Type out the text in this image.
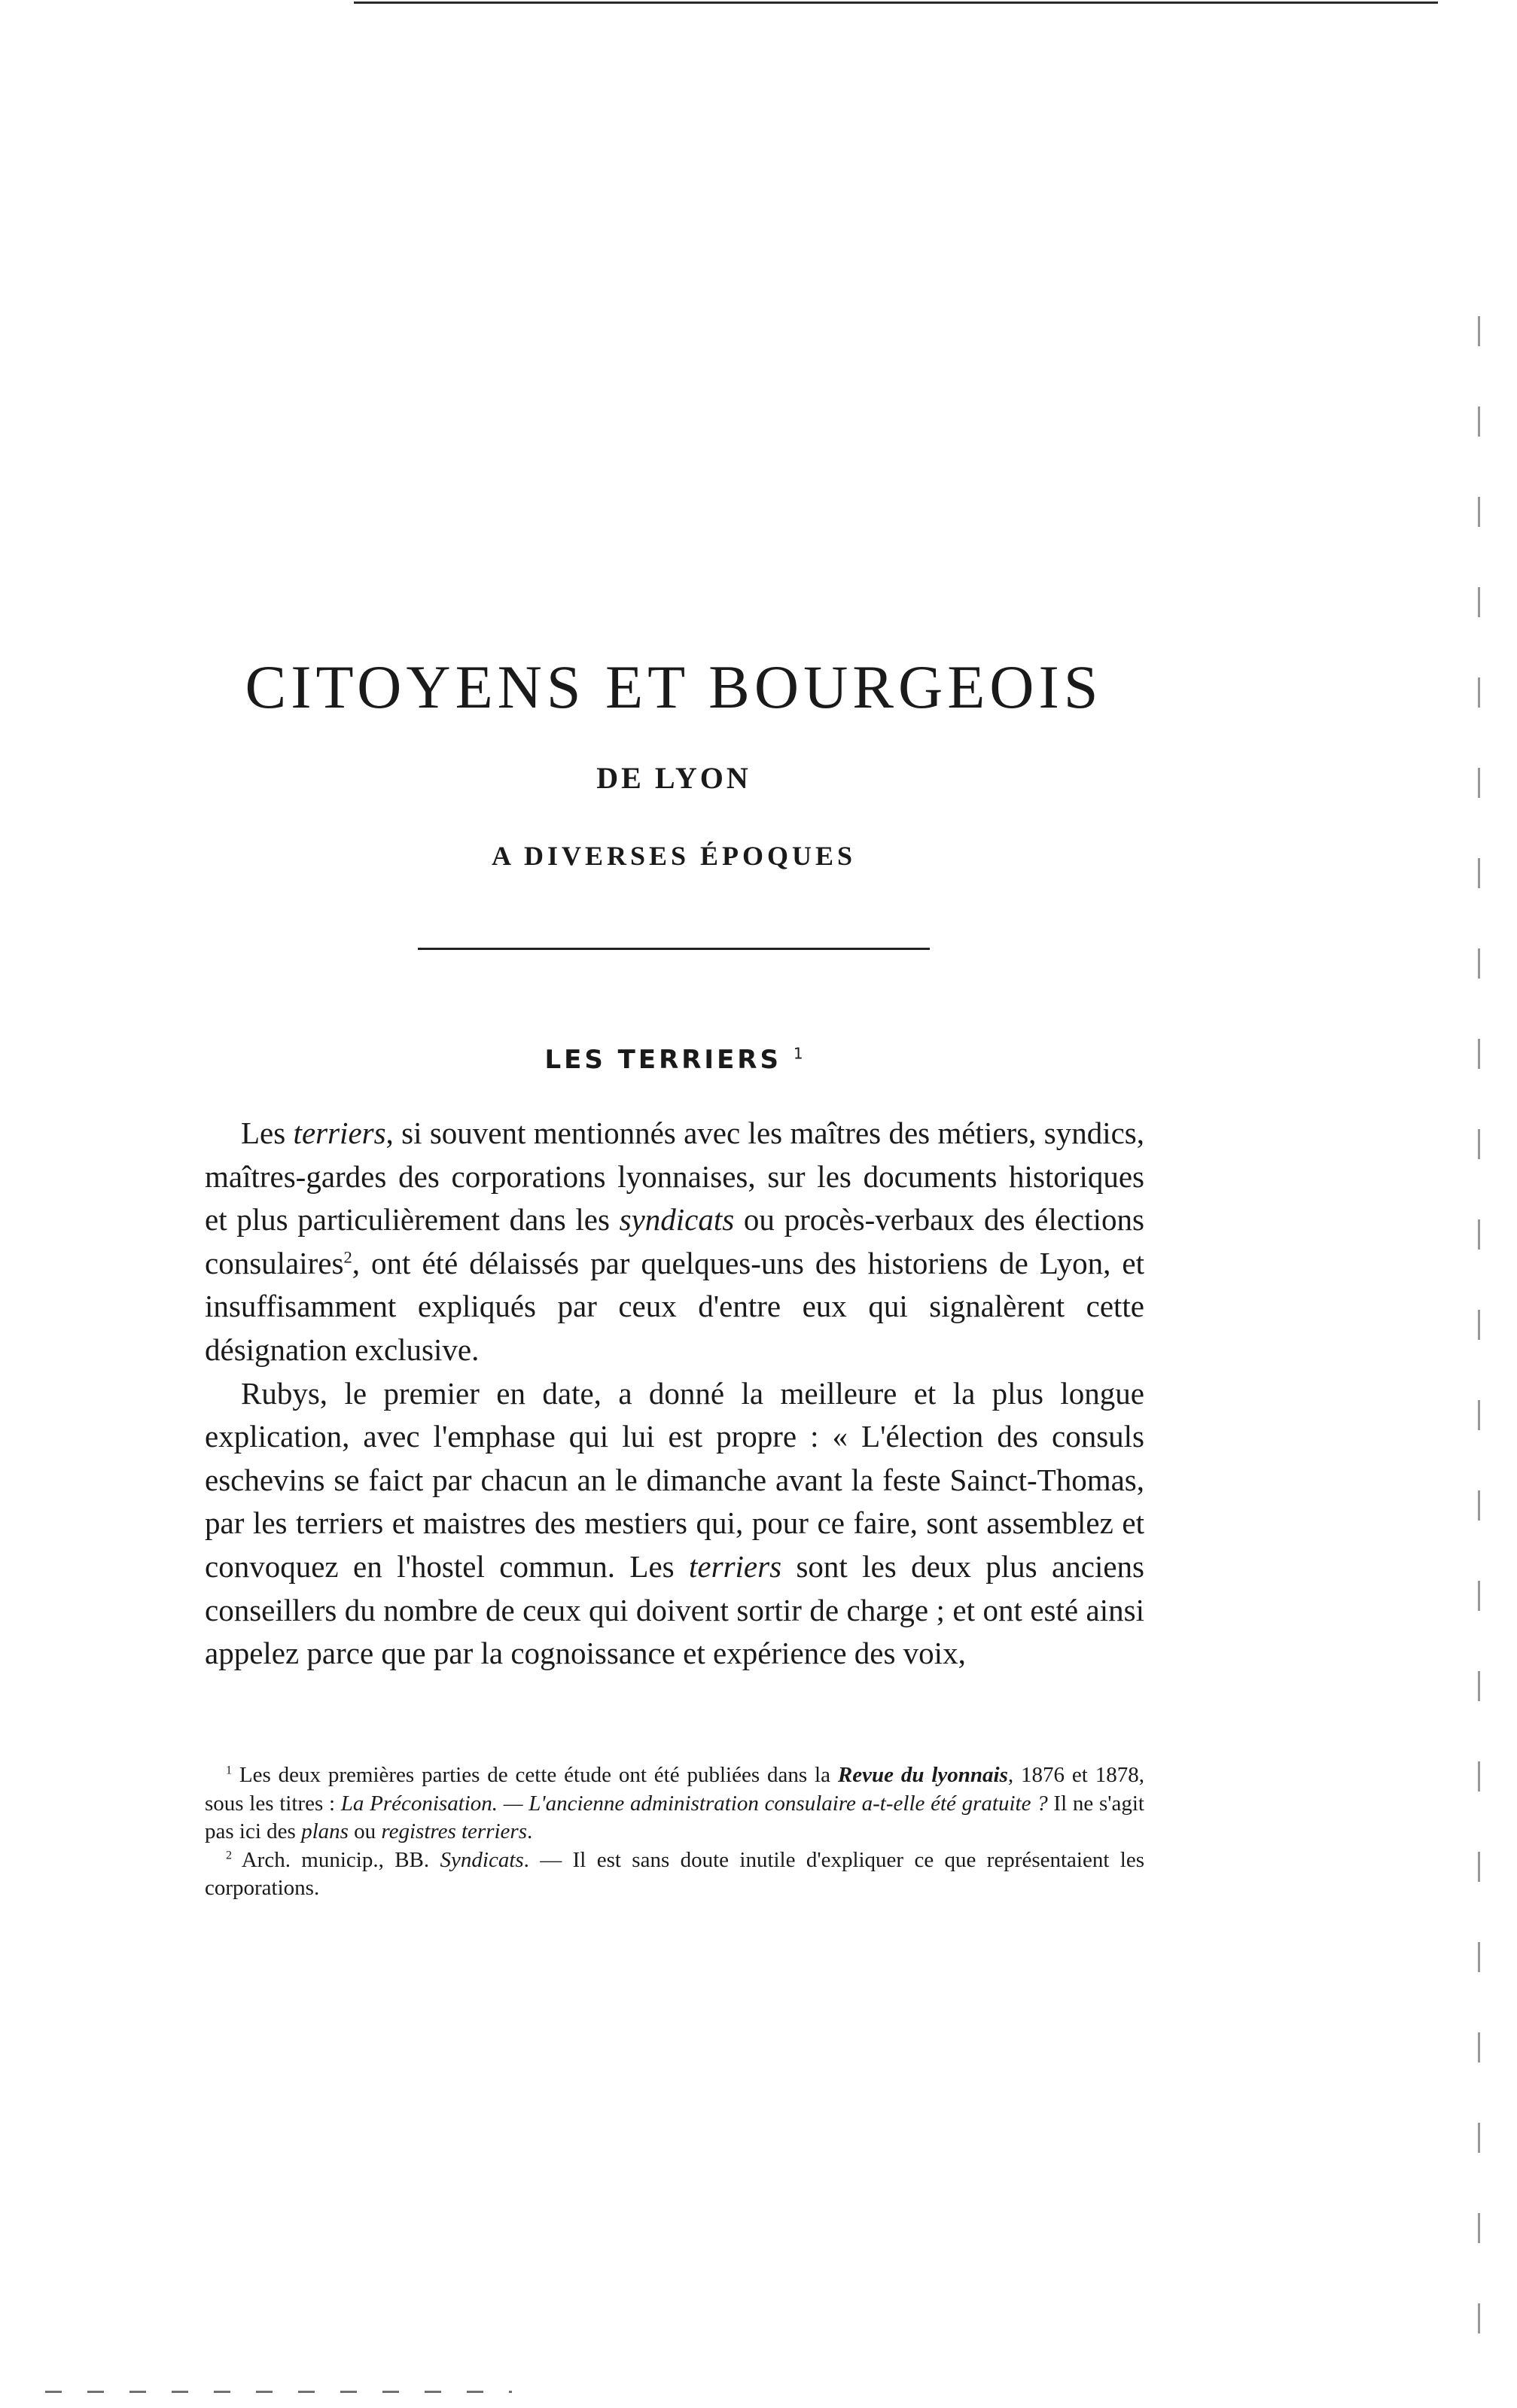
CITOYENS ET BOURGEOIS
DE LYON
A DIVERSES ÉPOQUES
LES TERRIERS $^1$

Les terriers, si souvent mentionnés avec les maîtres des métiers, syndics, maîtres-gardes des corporations lyonnaises, sur les documents historiques et plus particulièrement dans les syndicats ou procès-verbaux des élections consulaires$^2$, ont été délaissés par quelques-uns des historiens de Lyon, et insuffisamment expliqués par ceux d'entre eux qui signalèrent cette désignation exclusive.

Rubys, le premier en date, a donné la meilleure et la plus longue explication, avec l'emphase qui lui est propre : « L'élection des consuls eschevins se faict par chacun an le dimanche avant la feste Sainct-Thomas, par les terriers et maistres des mestiers qui, pour ce faire, sont assemblez et convoquez en l'hostel commun. Les terriers sont les deux plus anciens conseillers du nombre de ceux qui doivent sortir de charge ; et ont esté ainsi appelez parce que par la cognoissance et expérience des voix,

$^1$ Les deux premières parties de cette étude ont été publiées dans la Revue du lyonnais, 1876 et 1878, sous les titres : La Préconisation. — L'ancienne administration consulaire a-t-elle été gratuite ? Il ne s'agit pas ici des plans ou registres terriers.

$^2$ Arch. municip., BB. Syndicats. — Il est sans doute inutile d'expliquer ce que représentaient les corporations.
